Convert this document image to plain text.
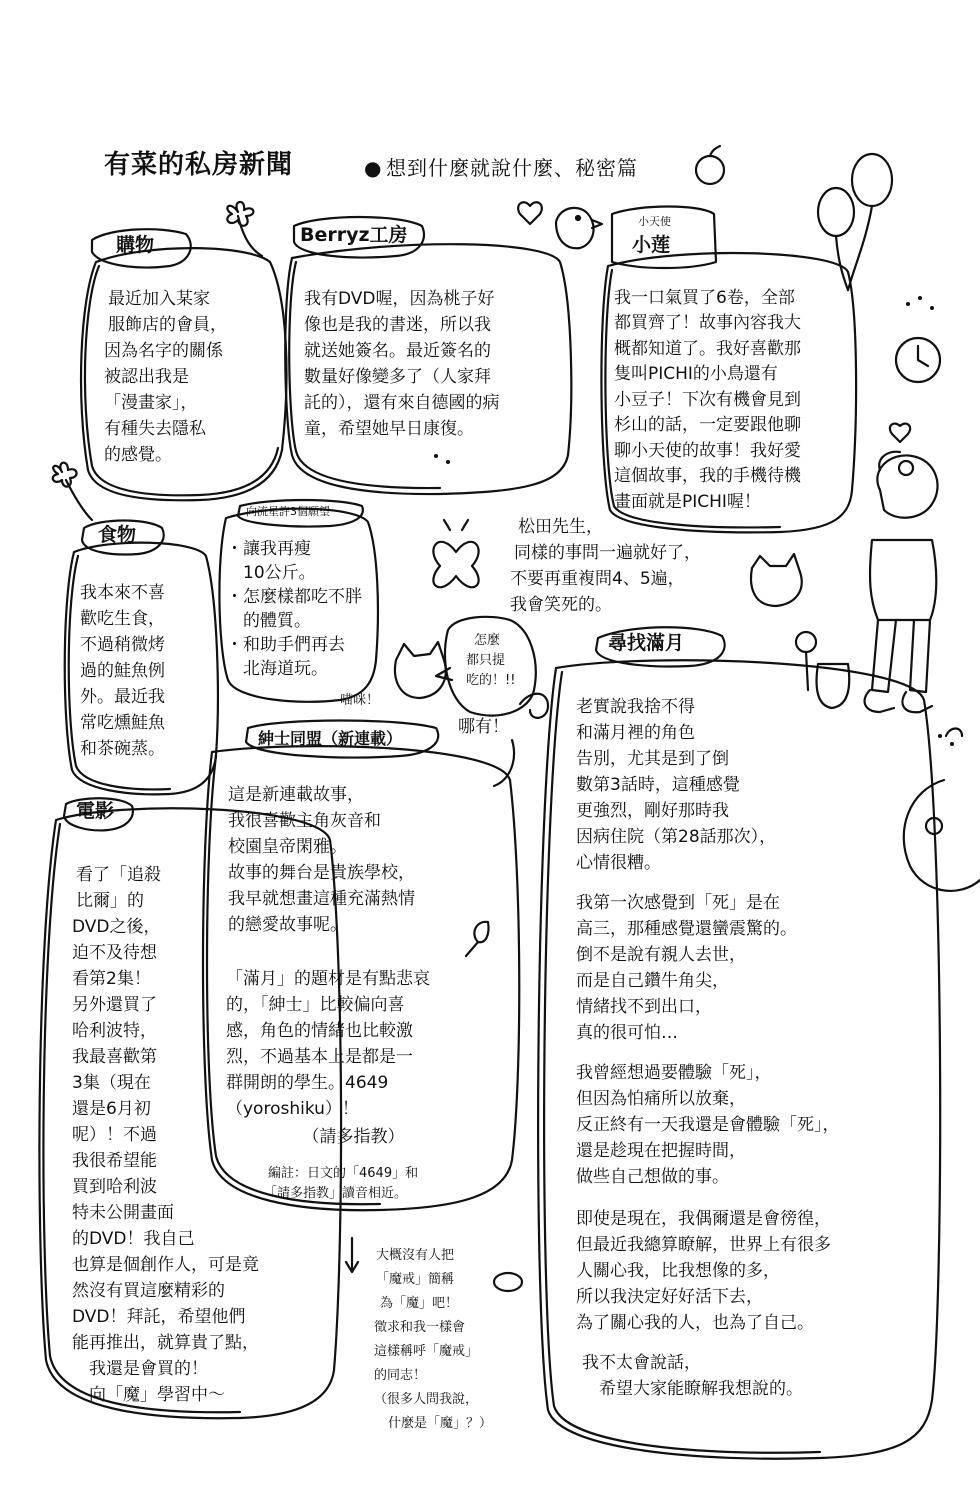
有菜的私房新聞	● 想到什麼就說什麼、秘密篇
購物
最近加入某家
服飾店的會員，
因為名字的關係
被認出我是
「漫畫家」，
有種失去隱私
的感覺。
Berryz工房
我有DVD喔，因為桃子好
像也是我的書迷，所以我
就送她簽名。最近簽名的
數量好像變多了（人家拜
託的），還有來自德國的病
童，希望她早日康復。
小天使
小莲
我一口氣買了6卷，全部
都買齊了！故事內容我大
概都知道了。我好喜歡那
隻叫PICHI的小鳥還有
小豆子！下次有機會見到
杉山的話，一定要跟他聊
聊小天使的故事！我好愛
這個故事，我的手機待機
畫面就是PICHI喔！
食物
我本來不喜
歡吃生食，
不過稍微烤
過的鮭魚例
外。最近我
常吃燻鮭魚
和茶碗蒸。
向流星許3個願望
・讓我再瘦
　10公斤。
・怎麼樣都吃不胖
　的體質。
・和助手們再去
　北海道玩。
紳士同盟（新連載）
這是新連載故事，
我很喜歡主角灰音和
校園皇帝閑雅。
故事的舞台是貴族學校，
我早就想畫這種充滿熱情
的戀愛故事呢。
「滿月」的題材是有點悲哀
的，「紳士」比較偏向喜
感，角色的情緒也比較激
烈，不過基本上是都是一
群開朗的學生。4649
（yoroshiku）！
　　　　　（請多指教）
編註：日文的「4649」和
「請多指教」讀音相近。
電影
看了「追殺
比爾」的
DVD之後，
迫不及待想
看第2集！
另外還買了
哈利波特，
我最喜歡第
3集（現在
還是6月初
呢）！不過
我很希望能
買到哈利波
特未公開畫面
的DVD！我自己
也算是個創作人，可是竟
然沒有買這麼精彩的
DVD！拜託，希望他們
能再推出，就算貴了點，
　我還是會買的！
　向「魔」學習中～
尋找滿月
老實說我捨不得
和滿月裡的角色
告別，尤其是到了倒
數第3話時，這種感覺
更強烈，剛好那時我
因病住院（第28話那次），
心情很糟。
我第一次感覺到「死」是在
高三，那種感覺還蠻震驚的。
倒不是說有親人去世，
而是自己鑽牛角尖，
情緒找不到出口，
真的很可怕…
我曾經想過要體驗「死」，
但因為怕痛所以放棄，
反正終有一天我還是會體驗「死」，
還是趁現在把握時間，
做些自己想做的事。
即使是現在，我偶爾還是會徬徨，
但最近我總算瞭解，世界上有很多
人關心我，比我想像的多，
所以我決定好好活下去，
為了關心我的人，也為了自己。
我不太會說話，
　希望大家能瞭解我想說的。
松田先生，
同樣的事問一遍就好了，
不要再重複問4、5遍，
我會笑死的。
怎麼
都只提
吃的！!!
喵咪！
哪有！
大概沒有人把
「魔戒」簡稱
為「魔」吧！
徵求和我一樣會
這樣稱呼「魔戒」
的同志！
（很多人問我說，
什麼是「魔」？）
